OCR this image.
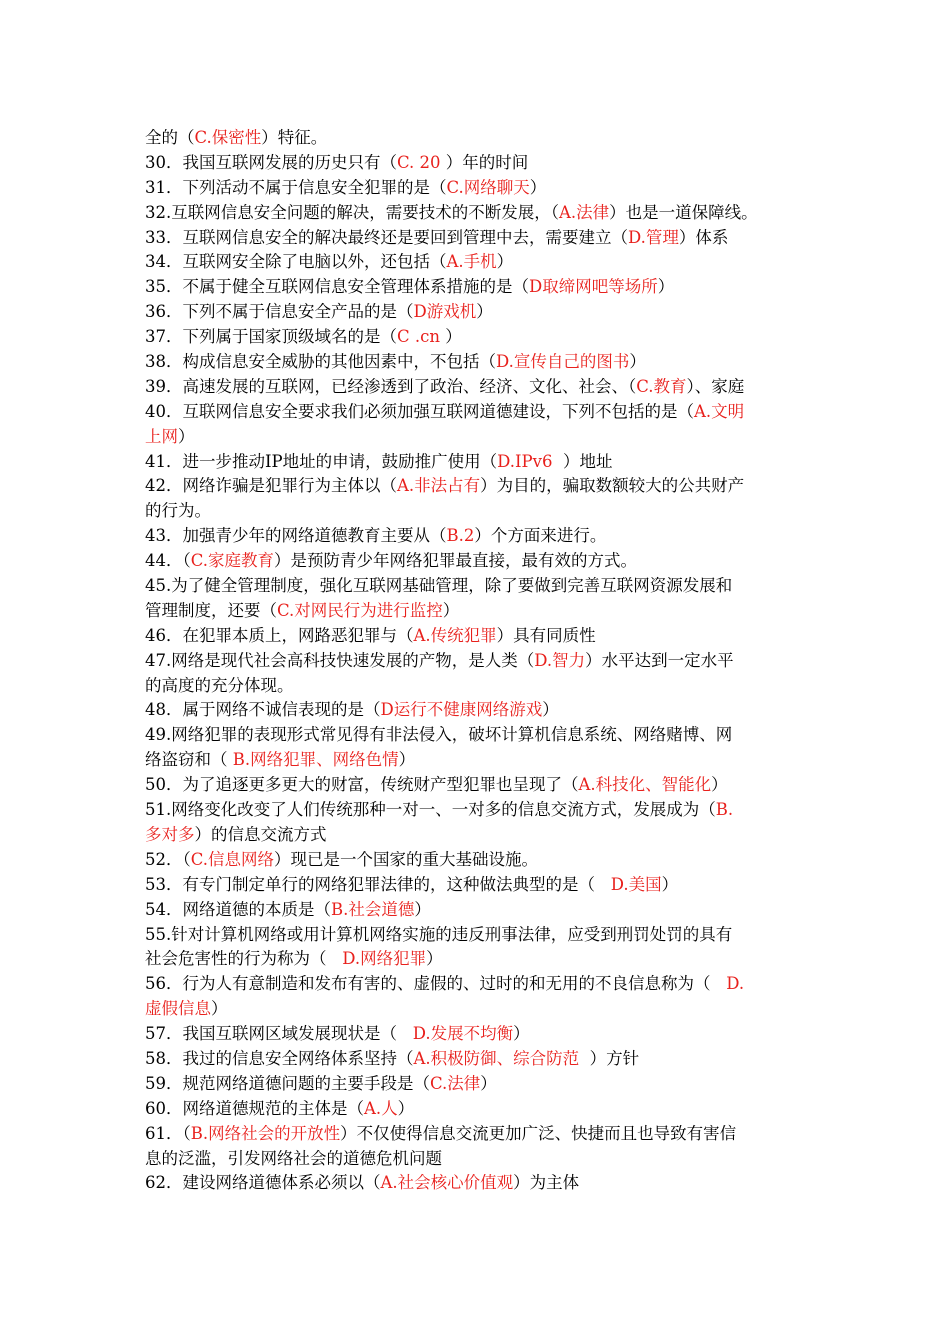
全的（C.保密性）特征。
30．我国互联网发展的历史只有（C. 20 ）年的时间
31．下列活动不属于信息安全犯罪的是（C.网络聊天）
32.互联网信息安全问题的解决，需要技术的不断发展，（A.法律）也是一道保障线。
33．互联网信息安全的解决最终还是要回到管理中去，需要建立（D.管理）体系
34．互联网安全除了电脑以外，还包括（A.手机）
35．不属于健全互联网信息安全管理体系措施的是（D取缔网吧等场所）
36．下列不属于信息安全产品的是（D游戏机）
37．下列属于国家顶级域名的是（C .cn ）
38．构成信息安全威胁的其他因素中，不包括（D.宣传自己的图书）
39．高速发展的互联网，已经渗透到了政治、经济、文化、社会、（C.教育）、家庭
40．互联网信息安全要求我们必须加强互联网道德建设，下列不包括的是（A.文明
上网）
41．进一步推动IP地址的申请，鼓励推广使用（D.IPv6  ）地址
42．网络诈骗是犯罪行为主体以（A.非法占有）为目的，骗取数额较大的公共财产
的行为。
43．加强青少年的网络道德教育主要从（B.2）个方面来进行。
44．（C.家庭教育）是预防青少年网络犯罪最直接，最有效的方式。
45.为了健全管理制度，强化互联网基础管理，除了要做到完善互联网资源发展和
管理制度，还要（C.对网民行为进行监控）
46．在犯罪本质上，网路恶犯罪与（A.传统犯罪）具有同质性
47.网络是现代社会高科技快速发展的产物，是人类（D.智力）水平达到一定水平
的高度的充分体现。
48．属于网络不诚信表现的是（D运行不健康网络游戏）
49.网络犯罪的表现形式常见得有非法侵入，破坏计算机信息系统、网络赌博、网
络盗窃和（ B.网络犯罪、网络色情）
50．为了追逐更多更大的财富，传统财产型犯罪也呈现了（A.科技化、智能化）
51.网络变化改变了人们传统那种一对一、一对多的信息交流方式，发展成为（B.
多对多）的信息交流方式
52．（C.信息网络）现已是一个国家的重大基础设施。
53．有专门制定单行的网络犯罪法律的，这种做法典型的是（   D.美国）
54．网络道德的本质是（B.社会道德）
55.针对计算机网络或用计算机网络实施的违反刑事法律，应受到刑罚处罚的具有
社会危害性的行为称为（   D.网络犯罪）
56．行为人有意制造和发布有害的、虚假的、过时的和无用的不良信息称为（   D.
虚假信息）
57．我国互联网区域发展现状是（   D.发展不均衡）
58．我过的信息安全网络体系坚持（A.积极防御、综合防范  ）方针
59．规范网络道德问题的主要手段是（C.法律）
60．网络道德规范的主体是（A.人）
61．（B.网络社会的开放性）不仅使得信息交流更加广泛、快捷而且也导致有害信
息的泛滥，引发网络社会的道德危机问题
62．建设网络道德体系必须以（A.社会核心价值观）为主体
